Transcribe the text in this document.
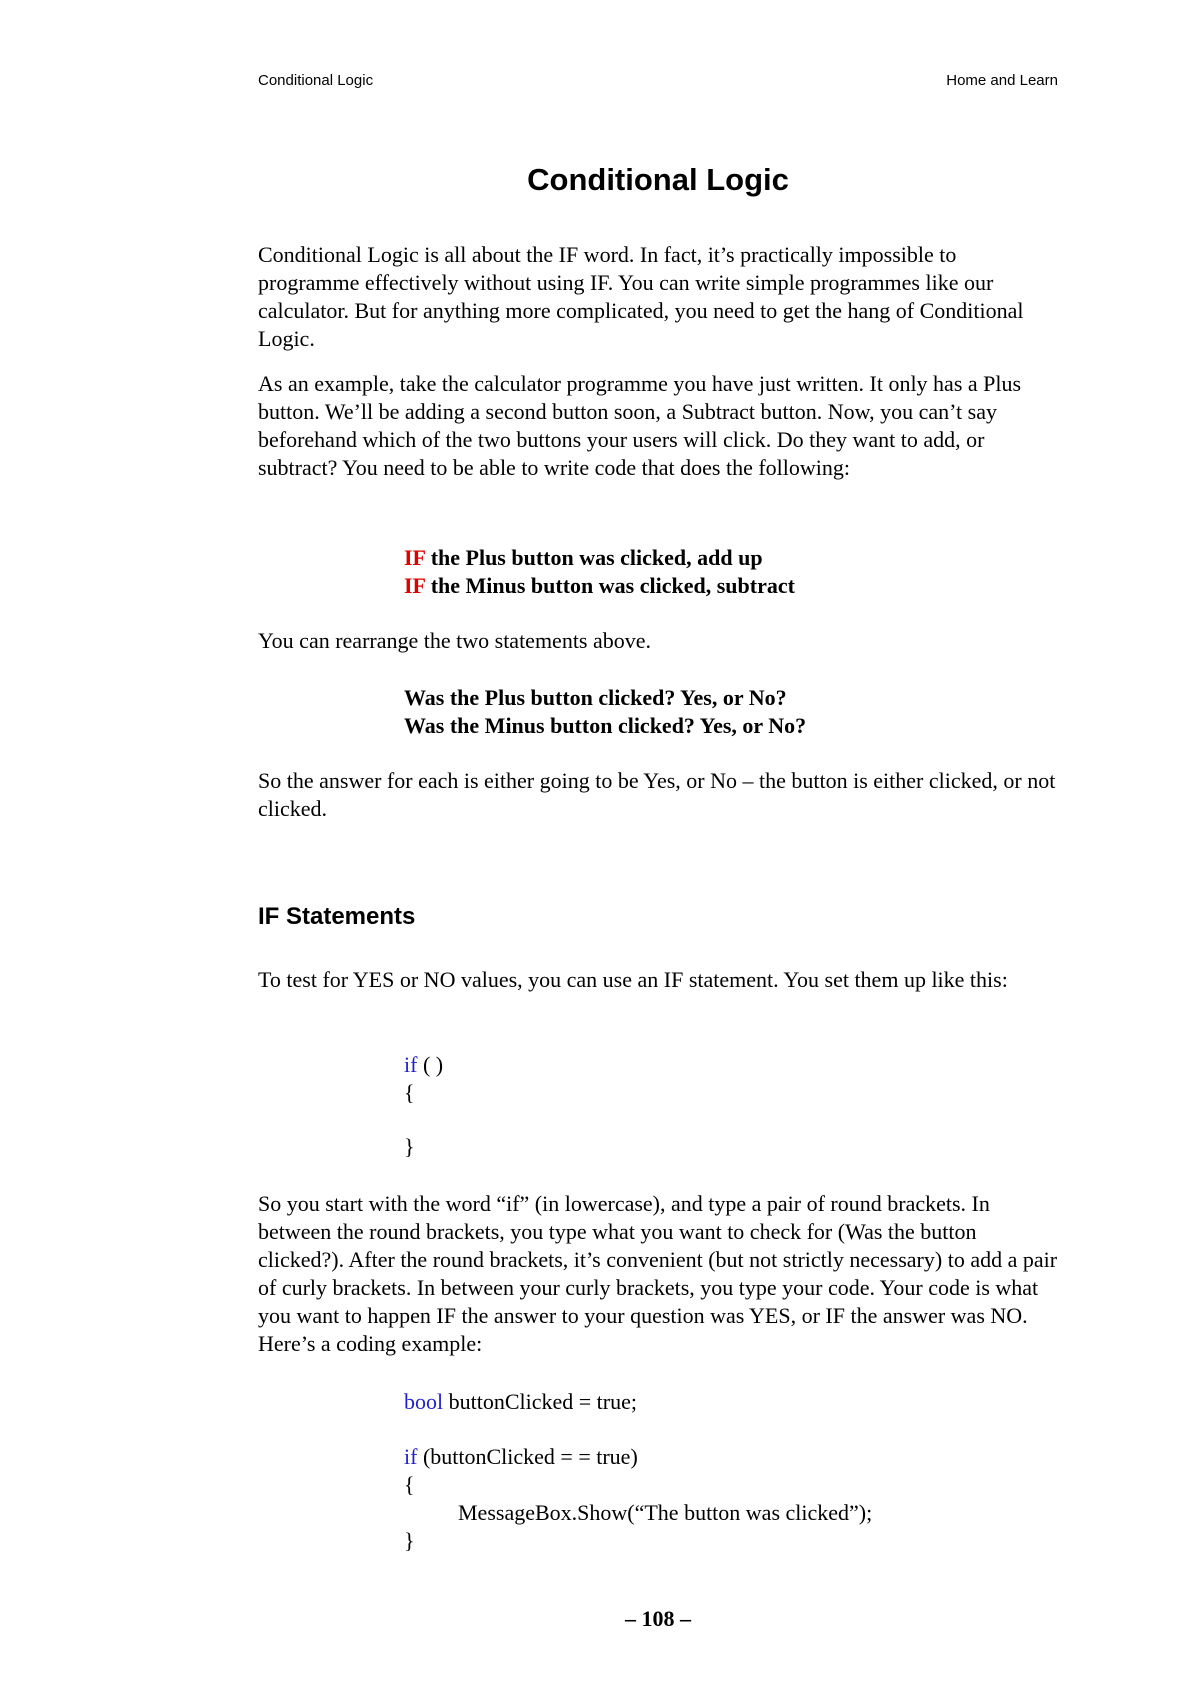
Conditional Logic	Home and Learn
Conditional Logic

Conditional Logic is all about the IF word. In fact, it’s practically impossible to programme effectively without using IF. You can write simple programmes like our calculator. But for anything more complicated, you need to get the hang of Conditional Logic.

As an example, take the calculator programme you have just written. It only has a Plus button. We’ll be adding a second button soon, a Subtract button. Now, you can’t say beforehand which of the two buttons your users will click. Do they want to add, or subtract? You need to be able to write code that does the following:

IF the Plus button was clicked, add up
IF the Minus button was clicked, subtract

You can rearrange the two statements above.

Was the Plus button clicked? Yes, or No?
Was the Minus button clicked? Yes, or No?

So the answer for each is either going to be Yes, or No – the button is either clicked, or not clicked.

IF Statements

To test for YES or NO values, you can use an IF statement. You set them up like this:

if ( )
{
}

So you start with the word “if” (in lowercase), and type a pair of round brackets. In between the round brackets, you type what you want to check for (Was the button clicked?). After the round brackets, it’s convenient (but not strictly necessary) to add a pair of curly brackets. In between your curly brackets, you type your code. Your code is what you want to happen IF the answer to your question was YES, or IF the answer was NO. Here’s a coding example:

bool buttonClicked = true;
if (buttonClicked = = true)
{
MessageBox.Show(“The button was clicked”);
}
– 108 –
